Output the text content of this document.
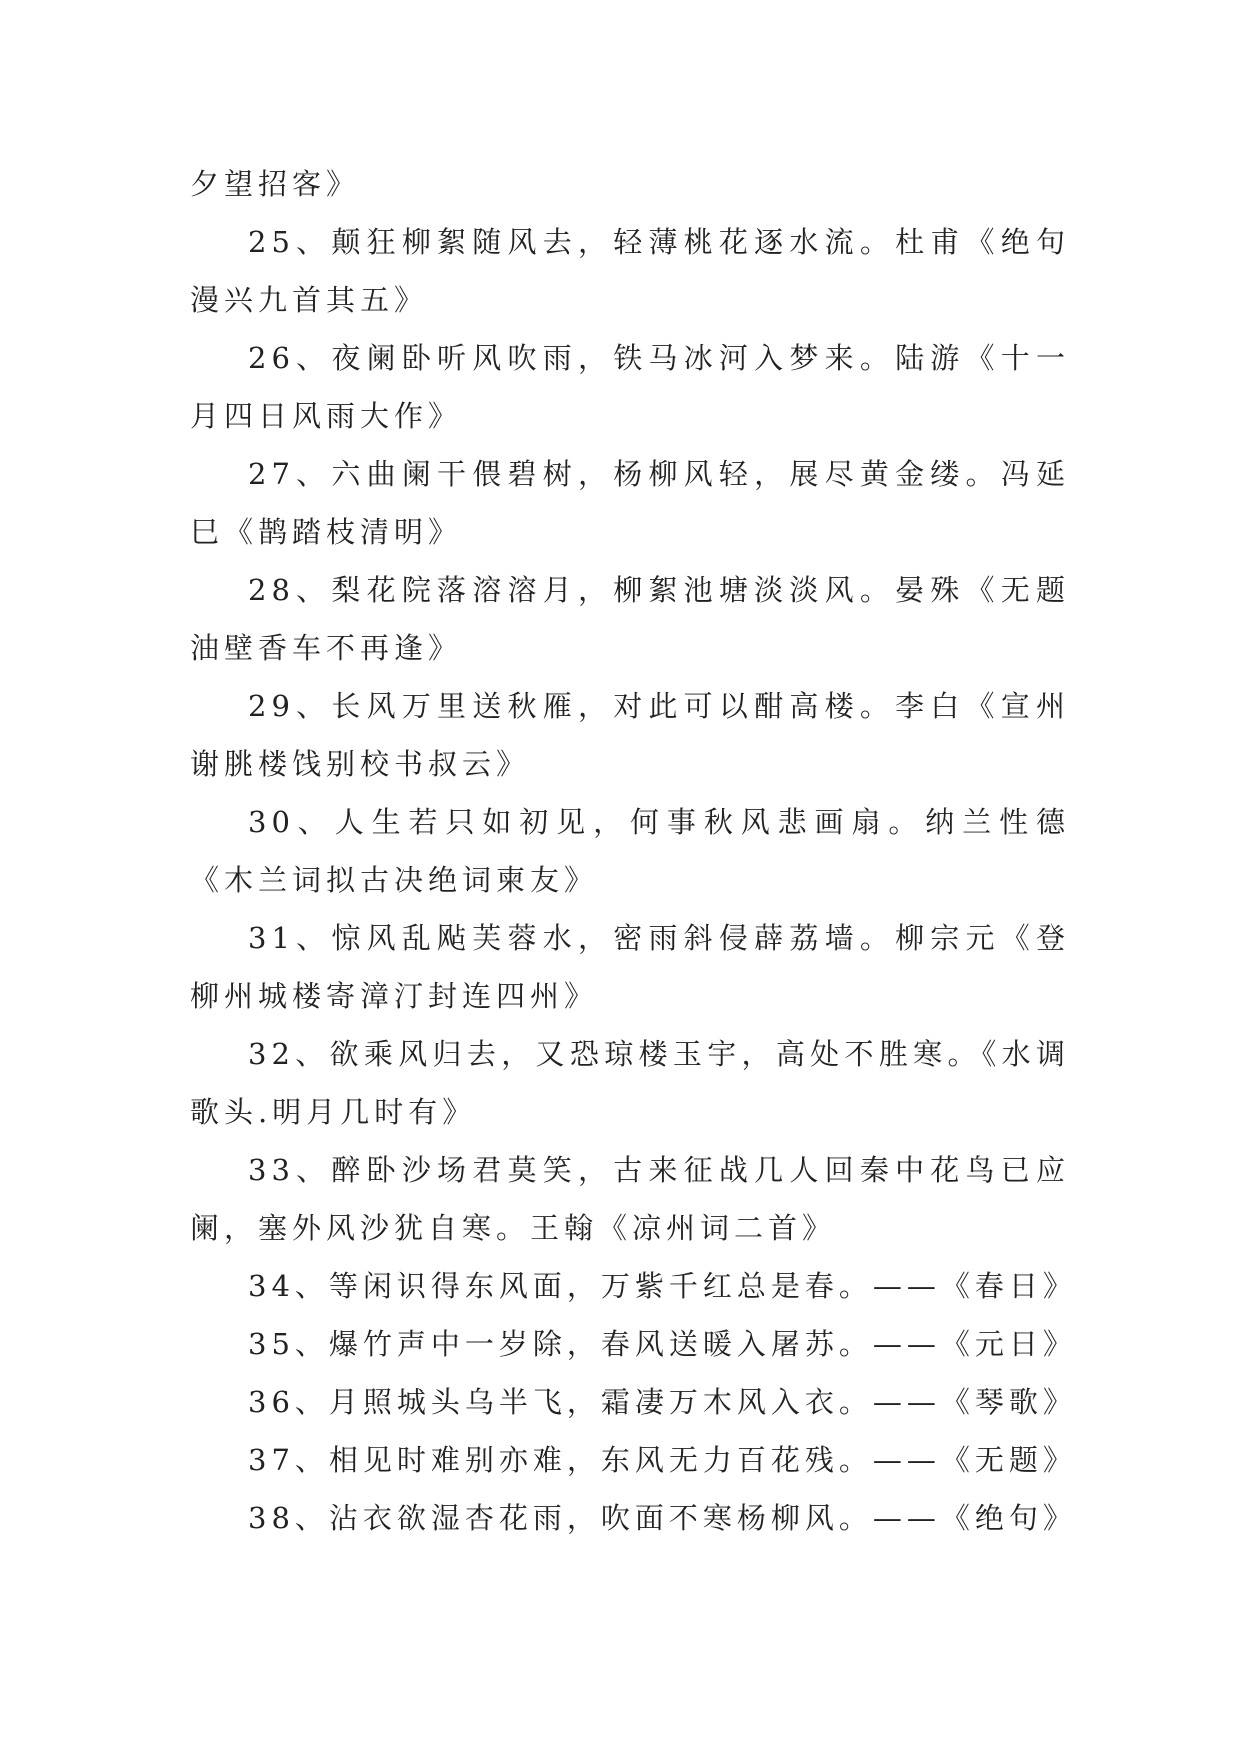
夕望招客》

25、颠狂柳絮随风去，轻薄桃花逐水流。杜甫《绝句漫兴九首其五》

26、夜阑卧听风吹雨，铁马冰河入梦来。陆游《十一月四日风雨大作》

27、六曲阑干偎碧树，杨柳风轻，展尽黄金缕。冯延巳《鹊踏枝清明》

28、梨花院落溶溶月，柳絮池塘淡淡风。晏殊《无题油壁香车不再逢》

29、长风万里送秋雁，对此可以酣高楼。李白《宣州谢朓楼饯别校书叔云》

30、人生若只如初见，何事秋风悲画扇。纳兰性德《木兰词拟古决绝词柬友》

31、惊风乱飐芙蓉水，密雨斜侵薜荔墙。柳宗元《登柳州城楼寄漳汀封连四州》

32、欲乘风归去，又恐琼楼玉宇，高处不胜寒。《水调歌头.明月几时有》

33、醉卧沙场君莫笑，古来征战几人回秦中花鸟已应阑，塞外风沙犹自寒。王翰《凉州词二首》

34、等闲识得东风面，万紫千红总是春。——《春日》

35、爆竹声中一岁除，春风送暖入屠苏。——《元日》

36、月照城头乌半飞，霜凄万木风入衣。——《琴歌》

37、相见时难别亦难，东风无力百花残。——《无题》

38、沾衣欲湿杏花雨，吹面不寒杨柳风。——《绝句》
